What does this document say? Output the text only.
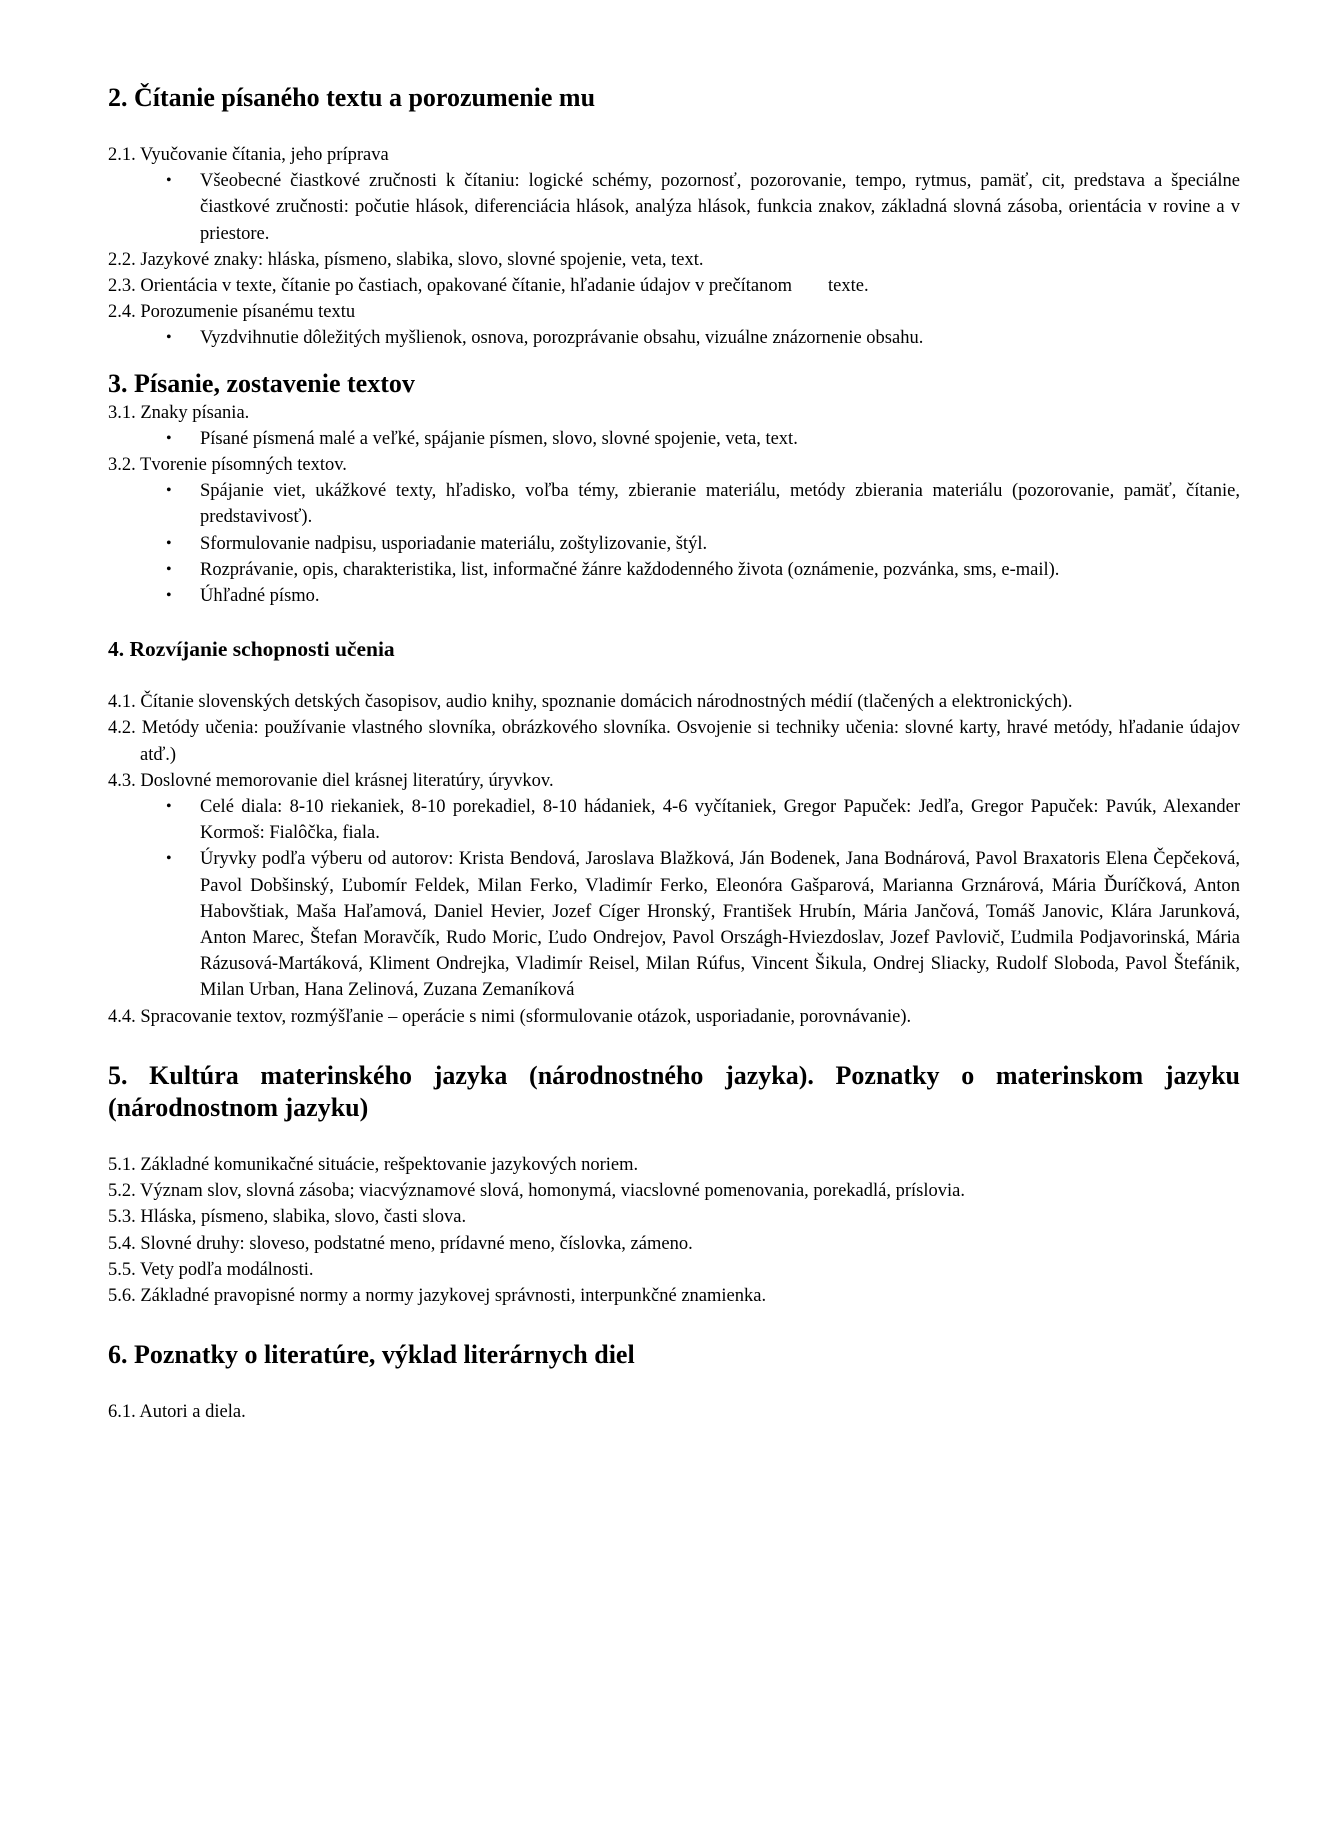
2. Čítanie písaného textu a porozumenie mu

2.1. Vyučovanie čítania, jeho príprava

• Všeobecné čiastkové zručnosti k čítaniu: logické schémy, pozornosť, pozorovanie, tempo, rytmus, pamäť, cit, predstava a špeciálne čiastkové zručnosti: počutie hlások, diferenciácia hlások, analýza hlások, funkcia znakov, základná slovná zásoba, orientácia v rovine a v priestore.

2.2. Jazykové znaky: hláska, písmeno, slabika, slovo, slovné spojenie, veta, text.

2.3. Orientácia v texte, čítanie po častiach, opakované čítanie, hľadanie údajov v prečítanom texte.

2.4. Porozumenie písanému textu

• Vyzdvihnutie dôležitých myšlienok, osnova, porozprávanie obsahu, vizuálne znázornenie obsahu.
3. Písanie, zostavenie textov

3.1. Znaky písania.

• Písané písmená malé a veľké, spájanie písmen, slovo, slovné spojenie, veta, text.

3.2. Tvorenie písomných textov.

• Spájanie viet, ukážkové texty, hľadisko, voľba témy, zbieranie materiálu, metódy zbierania materiálu (pozorovanie, pamäť, čítanie, predstavivosť).
• Sformulovanie nadpisu, usporiadanie materiálu, zoštylizovanie, štýl.
• Rozprávanie, opis, charakteristika, list, informačné žánre každodenného života (oznámenie, pozvánka, sms, e-mail).
• Úhľadné písmo.
4. Rozvíjanie schopnosti učenia

4.1. Čítanie slovenských detských časopisov, audio knihy, spoznanie domácich národnostných médií (tlačených a elektronických).

4.2. Metódy učenia: používanie vlastného slovníka, obrázkového slovníka. Osvojenie si techniky učenia: slovné karty, hravé metódy, hľadanie údajov atď.)

4.3. Doslovné memorovanie diel krásnej literatúry, úryvkov.

• Celé diala: 8-10 riekaniek, 8-10 porekadiel, 8-10 hádaniek, 4-6 vyčítaniek, Gregor Papuček: Jedľa, Gregor Papuček: Pavúk, Alexander Kormoš: Fialôčka, fiala.
• Úryvky podľa výberu od autorov: Krista Bendová, Jaroslava Blažková, Ján Bodenek, Jana Bodnárová, Pavol Braxatoris Elena Čepčeková, Pavol Dobšinský, Ľubomír Feldek, Milan Ferko, Vladimír Ferko, Eleonóra Gašparová, Marianna Grznárová, Mária Ďuríčková, Anton Habovštiak, Maša Haľamová, Daniel Hevier, Jozef Cíger Hronský, František Hrubín, Mária Jančová, Tomáš Janovic, Klára Jarunková, Anton Marec, Štefan Moravčík, Rudo Moric, Ľudo Ondrejov, Pavol Országh-Hviezdoslav, Jozef Pavlovič, Ľudmila Podjavorinská, Mária Rázusová-Martáková, Kliment Ondrejka, Vladimír Reisel, Milan Rúfus, Vincent Šikula, Ondrej Sliacky, Rudolf Sloboda, Pavol Štefánik, Milan Urban, Hana Zelinová, Zuzana Zemaníková

4.4. Spracovanie textov, rozmýšľanie – operácie s nimi (sformulovanie otázok, usporiadanie, porovnávanie).

5. Kultúra materinského jazyka (národnostného jazyka). Poznatky o materinskom jazyku (národnostnom jazyku)

5.1. Základné komunikačné situácie, rešpektovanie jazykových noriem.

5.2. Význam slov, slovná zásoba; viacvýznamové slová, homonymá, viacslovné pomenovania, porekadlá, príslovia.

5.3. Hláska, písmeno, slabika, slovo, časti slova.

5.4. Slovné druhy: sloveso, podstatné meno, prídavné meno, číslovka, zámeno.

5.5. Vety podľa modálnosti.

5.6. Základné pravopisné normy a normy jazykovej správnosti, interpunkčné znamienka.

6. Poznatky o literatúre, výklad literárnych diel

6.1. Autori a diela.
